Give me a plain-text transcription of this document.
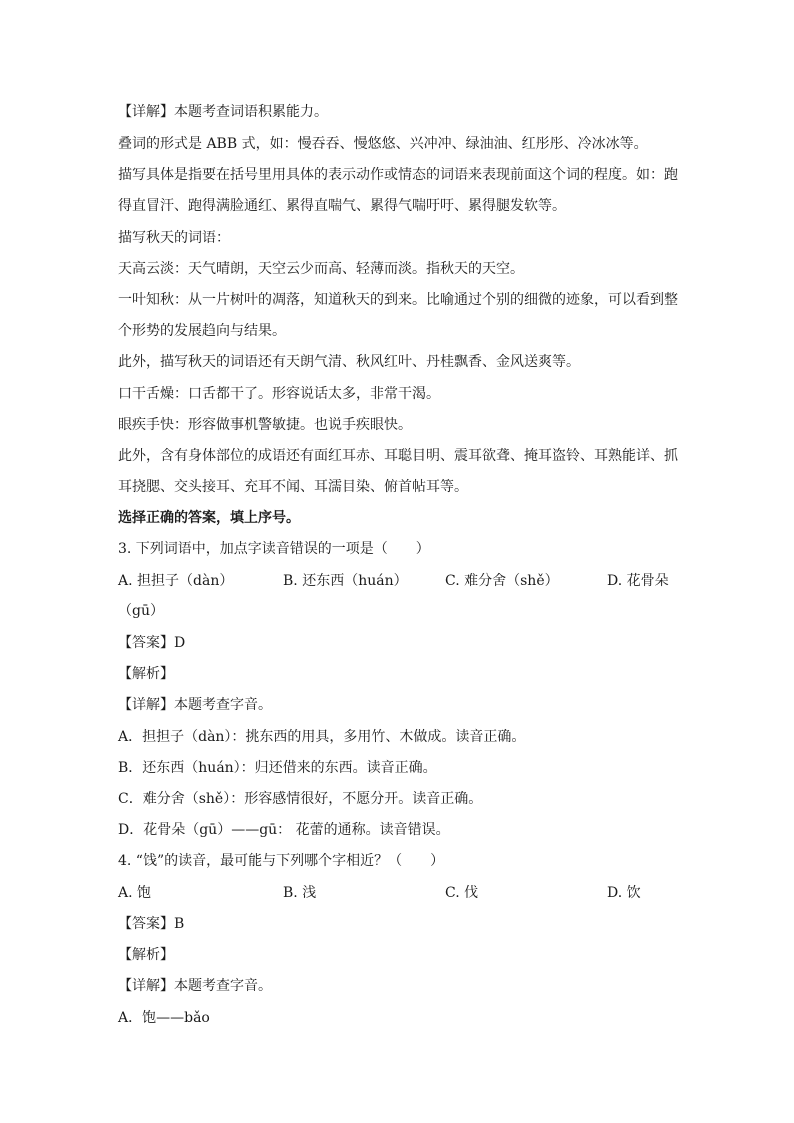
【详解】本题考查词语积累能力。
叠词的形式是 ABB 式，如：慢吞吞、慢悠悠、兴冲冲、绿油油、红彤彤、冷冰冰等。
描写具体是指要在括号里用具体的表示动作或情态的词语来表现前面这个词的程度。如：跑
得直冒汗、跑得满脸通红、累得直喘气、累得气喘吁吁、累得腿发软等。
描写秋天的词语：
天高云淡：天气晴朗，天空云少而高、轻薄而淡。指秋天的天空。
一叶知秋：从一片树叶的凋落，知道秋天的到来。比喻通过个别的细微的迹象，可以看到整
个形势的发展趋向与结果。
此外，描写秋天的词语还有天朗气清、秋风红叶、丹桂飘香、金风送爽等。
口干舌燥：口舌都干了。形容说话太多，非常干渴。
眼疾手快：形容做事机警敏捷。也说手疾眼快。
此外，含有身体部位的成语还有面红耳赤、耳聪目明、震耳欲聋、掩耳盗铃、耳熟能详、抓
耳挠腮、交头接耳、充耳不闻、耳濡目染、俯首帖耳等。
选择正确的答案，填上序号。
3. 下列词语中，加点字读音错误的一项是（　　）
A. 担担子（dàn）	B. 还东西（huán）	C. 难分舍（shě）	D. 花骨朵
（gū）
【答案】D
【解析】
【详解】本题考查字音。
A．担担子（dàn）：挑东西的用具，多用竹、木做成。读音正确。
B．还东西（huán）：归还借来的东西。读音正确。
C．难分舍（shě）：形容感情很好，不愿分开。读音正确。
D．花骨朵（gū）——gū： 花蕾的通称。读音错误。
4. “饯”的读音，最可能与下列哪个字相近？（　　）
A. 饱	B. 浅	C. 伐	D. 饮
【答案】B
【解析】
【详解】本题考查字音。
A．饱——bǎo
